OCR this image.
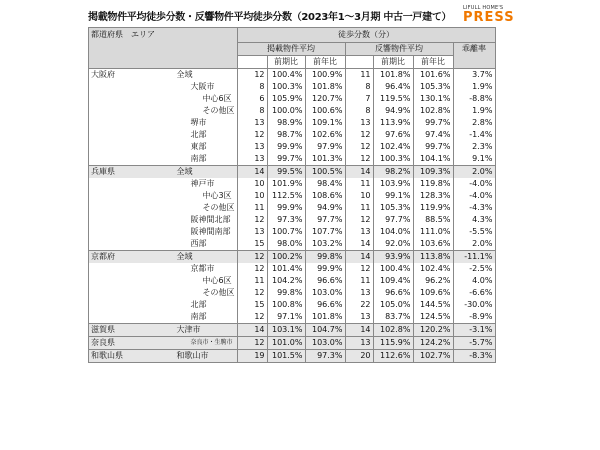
掲載物件平均徒歩分数・反響物件平均徒歩分数（2023年1～3月期 中古一戸建て）
LIFULL HOME'S
PRESS
都道府県　エリア		徒歩分数（分）						
		掲載物件平均			反響物件平均			乖離率
			前期比	前年比		前期比	前年比	
大阪府	全域	12	100.4%	100.9%	11	101.8%	101.6%	3.7%
	大阪市	8	100.3%	101.8%	8	96.4%	105.3%	1.9%
	中心6区	6	105.9%	120.7%	7	119.5%	130.1%	-8.8%
	その他区	8	100.0%	100.6%	8	94.9%	102.8%	1.9%
	堺市	13	98.9%	109.1%	13	113.9%	99.7%	2.8%
	北部	12	98.7%	102.6%	12	97.6%	97.4%	-1.4%
	東部	13	99.9%	97.9%	12	102.4%	99.7%	2.3%
	南部	13	99.7%	101.3%	12	100.3%	104.1%	9.1%
兵庫県	全域	14	99.5%	100.5%	14	98.2%	109.3%	2.0%
	神戸市	10	101.9%	98.4%	11	103.9%	119.8%	-4.0%
	中心3区	10	112.5%	108.6%	10	99.1%	128.3%	-4.0%
	その他区	11	99.9%	94.9%	11	105.3%	119.9%	-4.3%
	阪神間北部	12	97.3%	97.7%	12	97.7%	88.5%	4.3%
	阪神間南部	13	100.7%	107.7%	13	104.0%	111.0%	-5.5%
	西部	15	98.0%	103.2%	14	92.0%	103.6%	2.0%
京都府	全域	12	100.2%	99.8%	14	93.9%	113.8%	-11.1%
	京都市	12	101.4%	99.9%	12	100.4%	102.4%	-2.5%
	中心6区	11	104.2%	96.6%	11	109.4%	96.2%	4.0%
	その他区	12	99.8%	103.0%	13	96.6%	109.6%	-6.6%
	北部	15	100.8%	96.6%	22	105.0%	144.5%	-30.0%
	南部	12	97.1%	101.8%	13	83.7%	124.5%	-8.9%
滋賀県	大津市	14	103.1%	104.7%	14	102.8%	120.2%	-3.1%
奈良県	奈良市・生駒市	12	101.0%	103.0%	13	115.9%	124.2%	-5.7%
和歌山県	和歌山市	19	101.5%	97.3%	20	112.6%	102.7%	-8.3%
